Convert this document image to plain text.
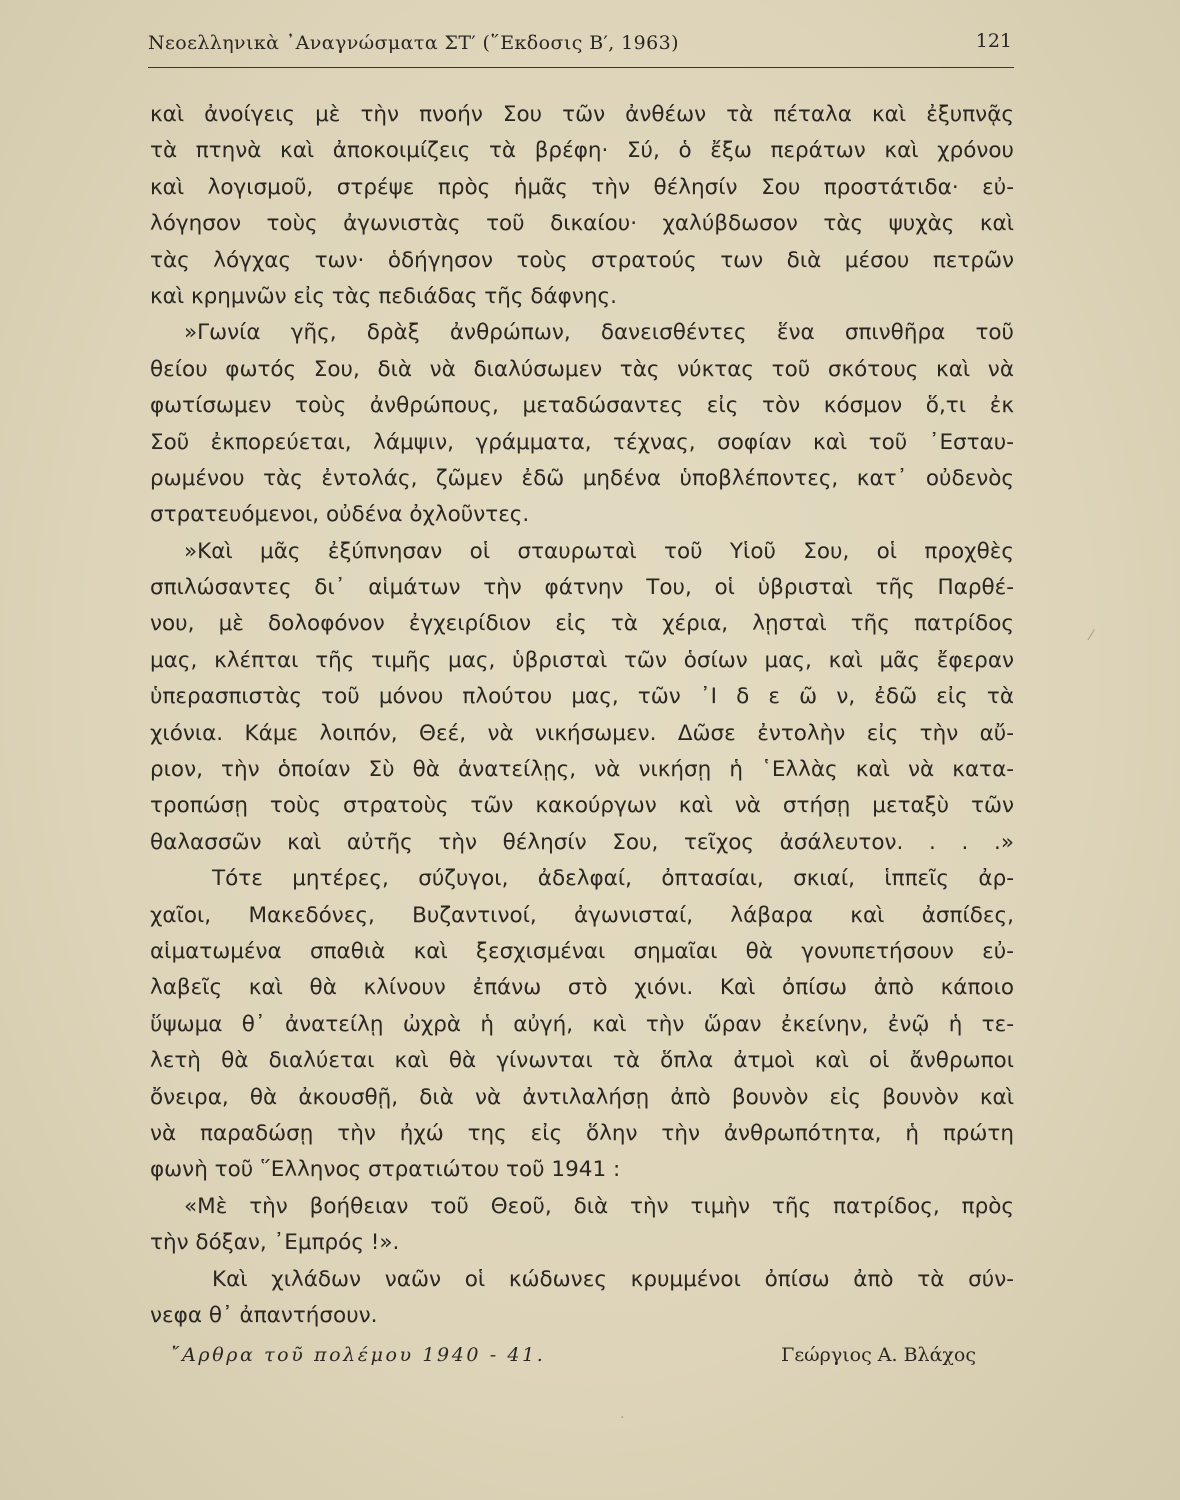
Νεοελληνικὰ ᾿Αναγνώσματα ΣΤ′ (῞Εκδοσις Β′, 1963)	121
καὶ ἀνοίγεις μὲ τὴν πνοήν Σου τῶν ἀνθέων τὰ πέταλα καὶ ἐξυπνᾷς
τὰ πτηνὰ καὶ ἀποκοιμίζεις τὰ βρέφη· Σύ, ὁ ἔξω περάτων καὶ χρόνου
καὶ λογισμοῦ, στρέψε πρὸς ἡμᾶς τὴν θέλησίν Σου προστάτιδα· εὐ-
λόγησον τοὺς ἀγωνιστὰς τοῦ δικαίου· χαλύβδωσον τὰς ψυχὰς καὶ
τὰς λόγχας των· ὁδήγησον τοὺς στρατούς των διὰ μέσου πετρῶν
καὶ κρημνῶν εἰς τὰς πεδιάδας τῆς δάφνης.
»Γωνία γῆς, δρὰξ ἀνθρώπων, δανεισθέντες ἕνα σπινθῆρα τοῦ
θείου φωτός Σου, διὰ νὰ διαλύσωμεν τὰς νύκτας τοῦ σκότους καὶ νὰ
φωτίσωμεν τοὺς ἀνθρώπους, μεταδώσαντες εἰς τὸν κόσμον ὅ,τι ἐκ
Σοῦ ἐκπορεύεται, λάμψιν, γράμματα, τέχνας, σοφίαν καὶ τοῦ ᾿Εσταυ-
ρωμένου τὰς ἐντολάς, ζῶμεν ἐδῶ μηδένα ὑποβλέποντες, κατ᾿ οὐδενὸς
στρατευόμενοι, οὐδένα ὀχλοῦντες.
»Καὶ μᾶς ἐξύπνησαν οἱ σταυρωταὶ τοῦ Υἱοῦ Σου, οἱ προχθὲς
σπιλώσαντες δι᾿ αἱμάτων τὴν φάτνην Του, οἱ ὑβρισταὶ τῆς Παρθέ-
νου, μὲ δολοφόνον ἐγχειρίδιον εἰς τὰ χέρια, λῃσταὶ τῆς πατρίδος
μας, κλέπται τῆς τιμῆς μας, ὑβρισταὶ τῶν ὁσίων μας, καὶ μᾶς ἔφεραν
ὑπερασπιστὰς τοῦ μόνου πλούτου μας, τῶν ᾿Ι δ ε ῶ ν, ἐδῶ εἰς τὰ
χιόνια. Κάμε λοιπόν, Θεέ, νὰ νικήσωμεν. Δῶσε ἐντολὴν εἰς τὴν αὔ-
ριον, τὴν ὁποίαν Σὺ θὰ ἀνατείλῃς, νὰ νικήσῃ ἡ ῾Ελλὰς καὶ νὰ κατα-
τροπώσῃ τοὺς στρατοὺς τῶν κακούργων καὶ νὰ στήσῃ μεταξὺ τῶν
θαλασσῶν καὶ αὐτῆς τὴν θέλησίν Σου, τεῖχος ἀσάλευτον. . . .»
Τότε μητέρες, σύζυγοι, ἀδελφαί, ὀπτασίαι, σκιαί, ἱππεῖς ἀρ-
χαῖοι, Μακεδόνες, Βυζαντινοί, ἀγωνισταί, λάβαρα καὶ ἀσπίδες,
αἱματωμένα σπαθιὰ καὶ ξεσχισμέναι σημαῖαι θὰ γονυπετήσουν εὐ-
λαβεῖς καὶ θὰ κλίνουν ἐπάνω στὸ χιόνι. Καὶ ὀπίσω ἀπὸ κάποιο
ὕψωμα θ᾿ ἀνατείλῃ ὠχρὰ ἡ αὐγή, καὶ τὴν ὥραν ἐκείνην, ἐνῷ ἡ τε-
λετὴ θὰ διαλύεται καὶ θὰ γίνωνται τὰ ὅπλα ἀτμοὶ καὶ οἱ ἄνθρωποι
ὄνειρα, θὰ ἀκουσθῇ, διὰ νὰ ἀντιλαλήσῃ ἀπὸ βουνὸν εἰς βουνὸν καὶ
νὰ παραδώσῃ τὴν ἠχώ της εἰς ὅλην τὴν ἀνθρωπότητα, ἡ πρώτη
φωνὴ τοῦ ῞Ελληνος στρατιώτου τοῦ 1941 :
«Μὲ τὴν βοήθειαν τοῦ Θεοῦ, διὰ τὴν τιμὴν τῆς πατρίδος, πρὸς
τὴν δόξαν, ᾿Εμπρός !».
Καὶ χιλάδων ναῶν οἱ κώδωνες κρυμμένοι ὀπίσω ἀπὸ τὰ σύν-
νεφα θ᾿ ἀπαντήσουν.
῎Αρθρα τοῦ πολέμου 1940 - 41.	Γεώργιος Α. Βλάχος
⁄
·
